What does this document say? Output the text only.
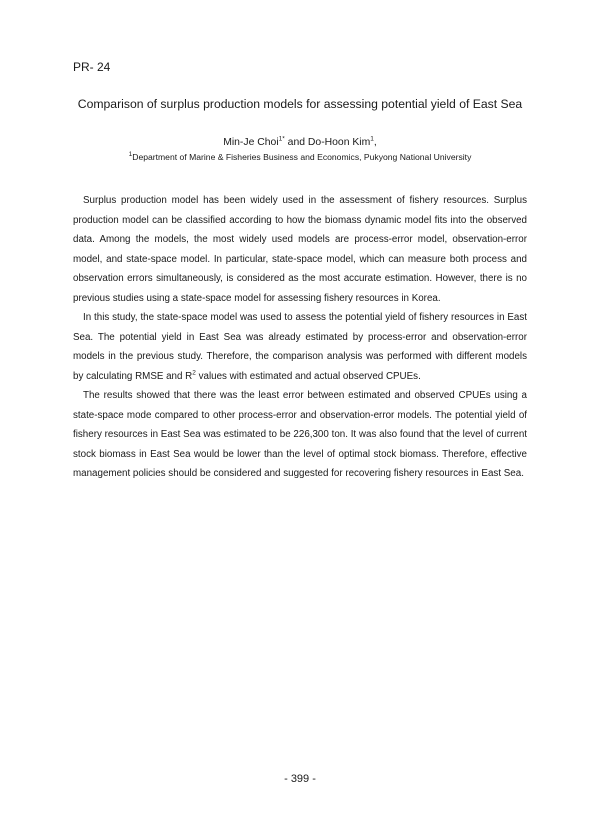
PR- 24
Comparison of surplus production models for assessing potential yield of East Sea
Min-Je Choi$^{1*}$ and Do-Hoon Kim$^1$,
$^1$Department of Marine & Fisheries Business and Economics, Pukyong National University

Surplus production model has been widely used in the assessment of fishery resources. Surplus production model can be classified according to how the biomass dynamic model fits into the observed data. Among the models, the most widely used models are process-error model, observation-error model, and state-space model. In particular, state-space model, which can measure both process and observation errors simultaneously, is considered as the most accurate estimation. However, there is no previous studies using a state-space model for assessing fishery resources in Korea.

In this study, the state-space model was used to assess the potential yield of fishery resources in East Sea. The potential yield in East Sea was already estimated by process-error and observation-error models in the previous study. Therefore, the comparison analysis was performed with different models by calculating RMSE and $R^2$ values with estimated and actual observed CPUEs.

The results showed that there was the least error between estimated and observed CPUEs using a state-space mode compared to other process-error and observation-error models. The potential yield of fishery resources in East Sea was estimated to be 226,300 ton. It was also found that the level of current stock biomass in East Sea would be lower than the level of optimal stock biomass. Therefore, effective management policies should be considered and suggested for recovering fishery resources in East Sea.

- 399 -
